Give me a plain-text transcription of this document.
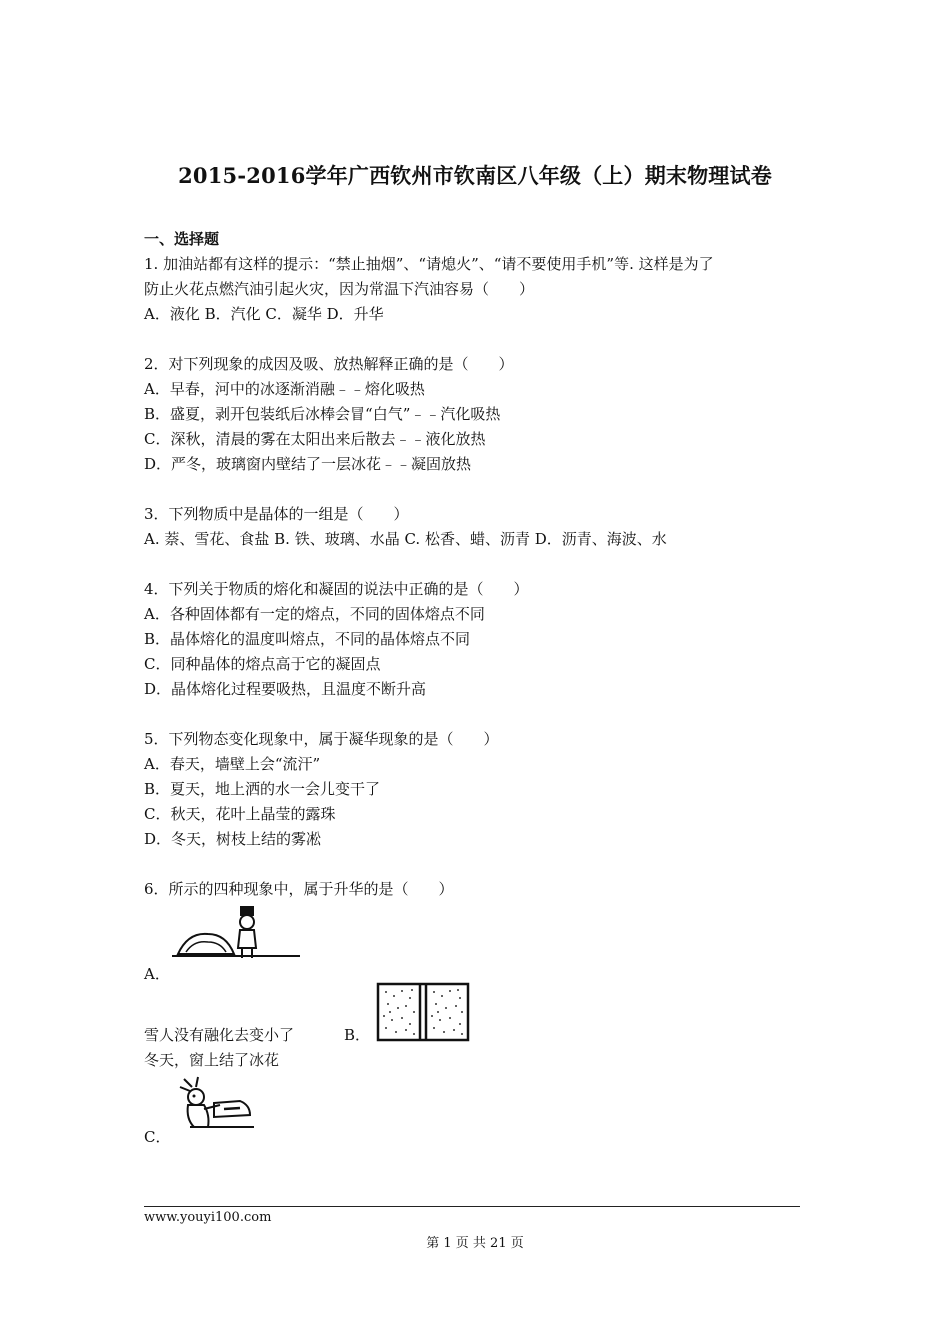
2015-2016学年广西钦州市钦南区八年级（上）期末物理试卷
一、选择题
1. 加油站都有这样的提示：“禁止抽烟”、“请熄火”、“请不要使用手机”等. 这样是为了
防止火花点燃汽油引起火灾，因为常温下汽油容易（　　）
A．液化 B．汽化 C．凝华 D．升华
2．对下列现象的成因及吸、放热解释正确的是（　　）
A．早春，河中的冰逐渐消融﹣﹣熔化吸热
B．盛夏，剥开包装纸后冰棒会冒“白气”﹣﹣汽化吸热
C．深秋，清晨的雾在太阳出来后散去﹣﹣液化放热
D．严冬，玻璃窗内壁结了一层冰花﹣﹣凝固放热
3．下列物质中是晶体的一组是（　　）
A. 萘、雪花、食盐 B. 铁、玻璃、水晶 C. 松香、蜡、沥青 D．沥青、海波、水
4．下列关于物质的熔化和凝固的说法中正确的是（　　）
A．各种固体都有一定的熔点，不同的固体熔点不同
B．晶体熔化的温度叫熔点，不同的晶体熔点不同
C．同种晶体的熔点高于它的凝固点
D．晶体熔化过程要吸热，且温度不断升高
5．下列物态变化现象中，属于凝华现象的是（　　）
A．春天，墙壁上会“流汗”
B．夏天，地上洒的水一会儿变干了
C．秋天，花叶上晶莹的露珠
D．冬天，树枝上结的雾凇
6．所示的四种现象中，属于升华的是（　　）
A．
雪人没有融化去变小了	B．
冬天，窗上结了冰花
C．
www.youyi100.com
第 1 页 共 21 页
